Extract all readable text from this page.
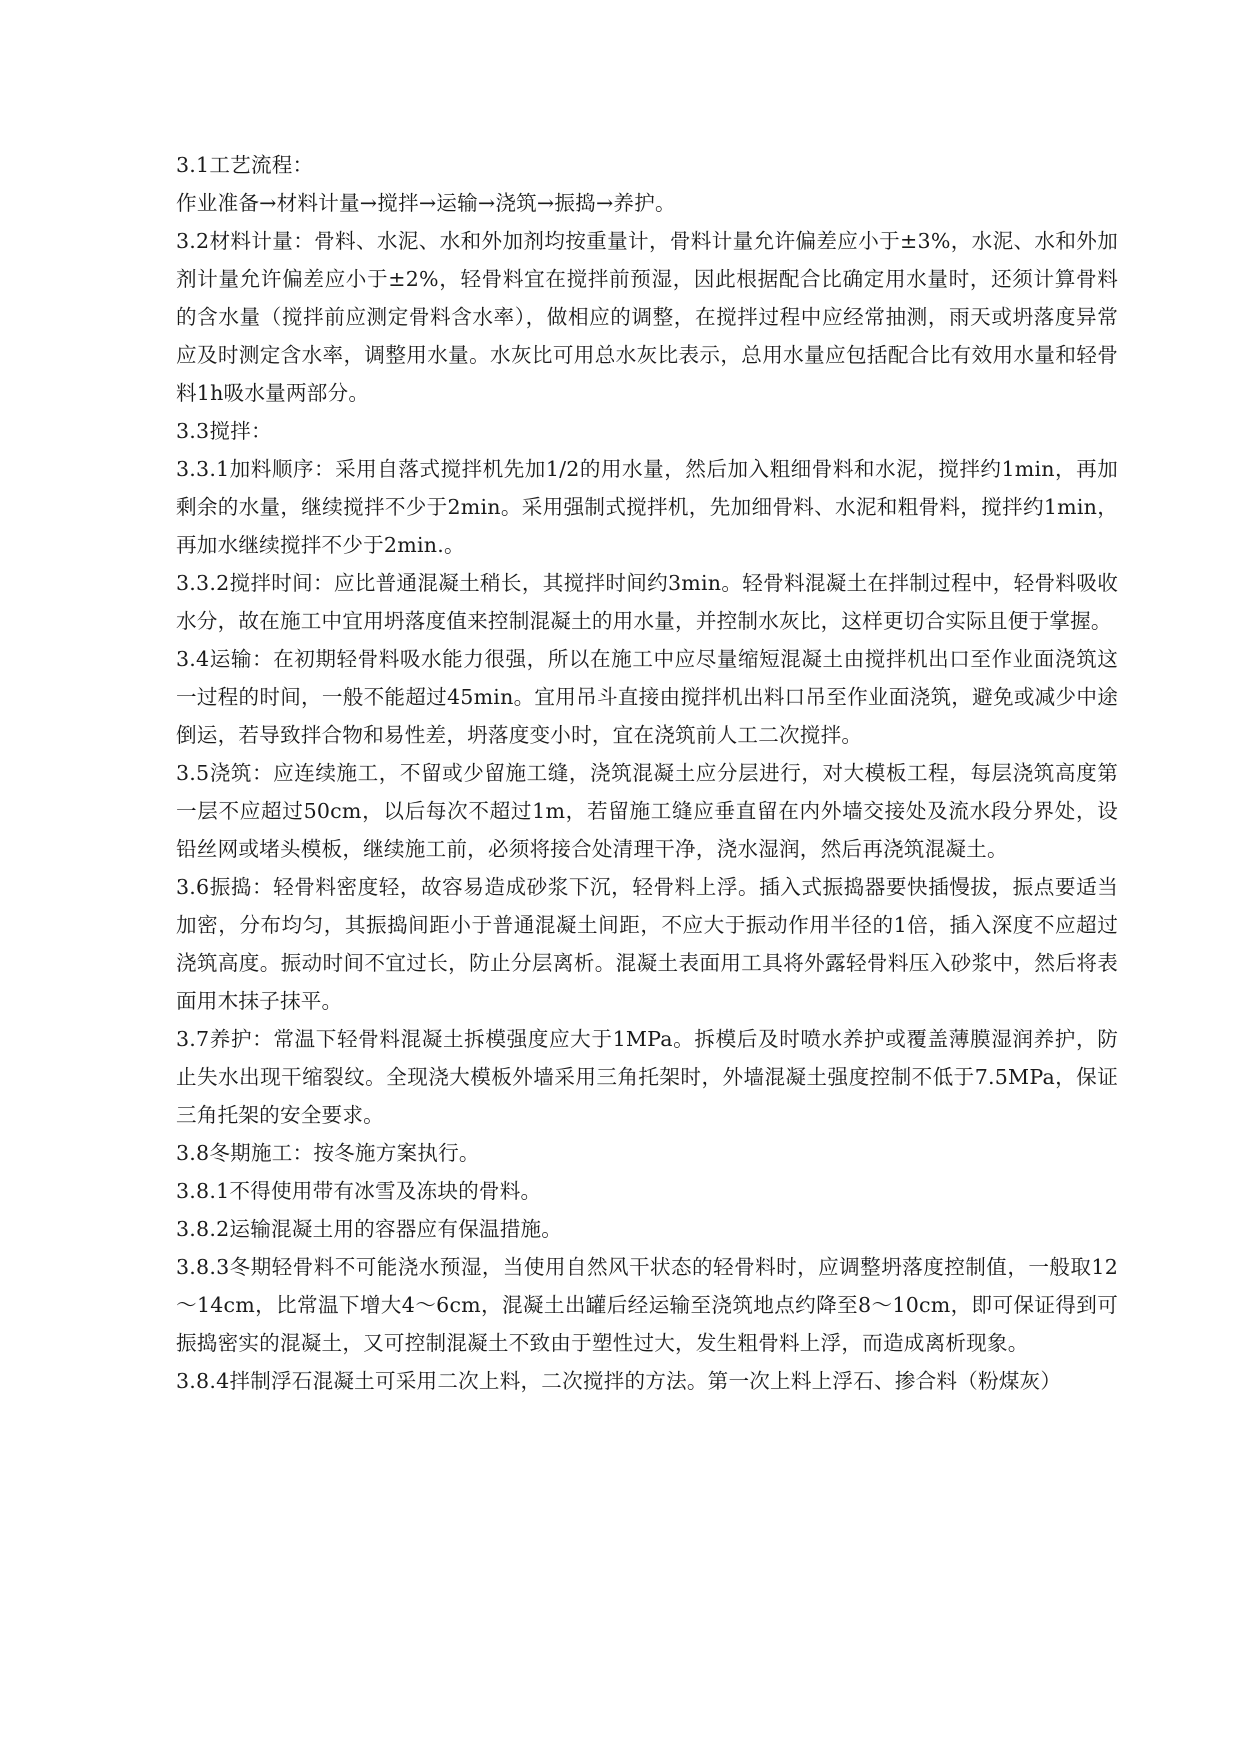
3.1工艺流程：

作业准备→材料计量→搅拌→运输→浇筑→振捣→养护。

3.2材料计量：骨料、水泥、水和外加剂均按重量计，骨料计量允许偏差应小于±3%，水泥、水和外加剂计量允许偏差应小于±2%，轻骨料宜在搅拌前预湿，因此根据配合比确定用水量时，还须计算骨料的含水量（搅拌前应测定骨料含水率），做相应的调整，在搅拌过程中应经常抽测，雨天或坍落度异常应及时测定含水率，调整用水量。水灰比可用总水灰比表示，总用水量应包括配合比有效用水量和轻骨料1h吸水量两部分。

3.3搅拌：

3.3.1加料顺序：采用自落式搅拌机先加1/2的用水量，然后加入粗细骨料和水泥，搅拌约1min，再加剩余的水量，继续搅拌不少于2min。采用强制式搅拌机，先加细骨料、水泥和粗骨料，搅拌约1min，再加水继续搅拌不少于2min.。

3.3.2搅拌时间：应比普通混凝土稍长，其搅拌时间约3min。轻骨料混凝土在拌制过程中，轻骨料吸收水分，故在施工中宜用坍落度值来控制混凝土的用水量，并控制水灰比，这样更切合实际且便于掌握。

3.4运输：在初期轻骨料吸水能力很强，所以在施工中应尽量缩短混凝土由搅拌机出口至作业面浇筑这一过程的时间，一般不能超过45min。宜用吊斗直接由搅拌机出料口吊至作业面浇筑，避免或减少中途倒运，若导致拌合物和易性差，坍落度变小时，宜在浇筑前人工二次搅拌。

3.5浇筑：应连续施工，不留或少留施工缝，浇筑混凝土应分层进行，对大模板工程，每层浇筑高度第一层不应超过50cm，以后每次不超过1m，若留施工缝应垂直留在内外墙交接处及流水段分界处，设铅丝网或堵头模板，继续施工前，必须将接合处清理干净，浇水湿润，然后再浇筑混凝土。

3.6振捣：轻骨料密度轻，故容易造成砂浆下沉，轻骨料上浮。插入式振捣器要快插慢拔，振点要适当加密，分布均匀，其振捣间距小于普通混凝土间距，不应大于振动作用半径的1倍，插入深度不应超过浇筑高度。振动时间不宜过长，防止分层离析。混凝土表面用工具将外露轻骨料压入砂浆中，然后将表面用木抹子抹平。

3.7养护：常温下轻骨料混凝土拆模强度应大于1MPa。拆模后及时喷水养护或覆盖薄膜湿润养护，防止失水出现干缩裂纹。全现浇大模板外墙采用三角托架时，外墙混凝土强度控制不低于7.5MPa，保证三角托架的安全要求。

3.8冬期施工：按冬施方案执行。

3.8.1不得使用带有冰雪及冻块的骨料。

3.8.2运输混凝土用的容器应有保温措施。

3.8.3冬期轻骨料不可能浇水预湿，当使用自然风干状态的轻骨料时，应调整坍落度控制值，一般取12～14cm，比常温下增大4～6cm，混凝土出罐后经运输至浇筑地点约降至8～10cm，即可保证得到可振捣密实的混凝土，又可控制混凝土不致由于塑性过大，发生粗骨料上浮，而造成离析现象。

3.8.4拌制浮石混凝土可采用二次上料，二次搅拌的方法。第一次上料上浮石、掺合料（粉煤灰）
